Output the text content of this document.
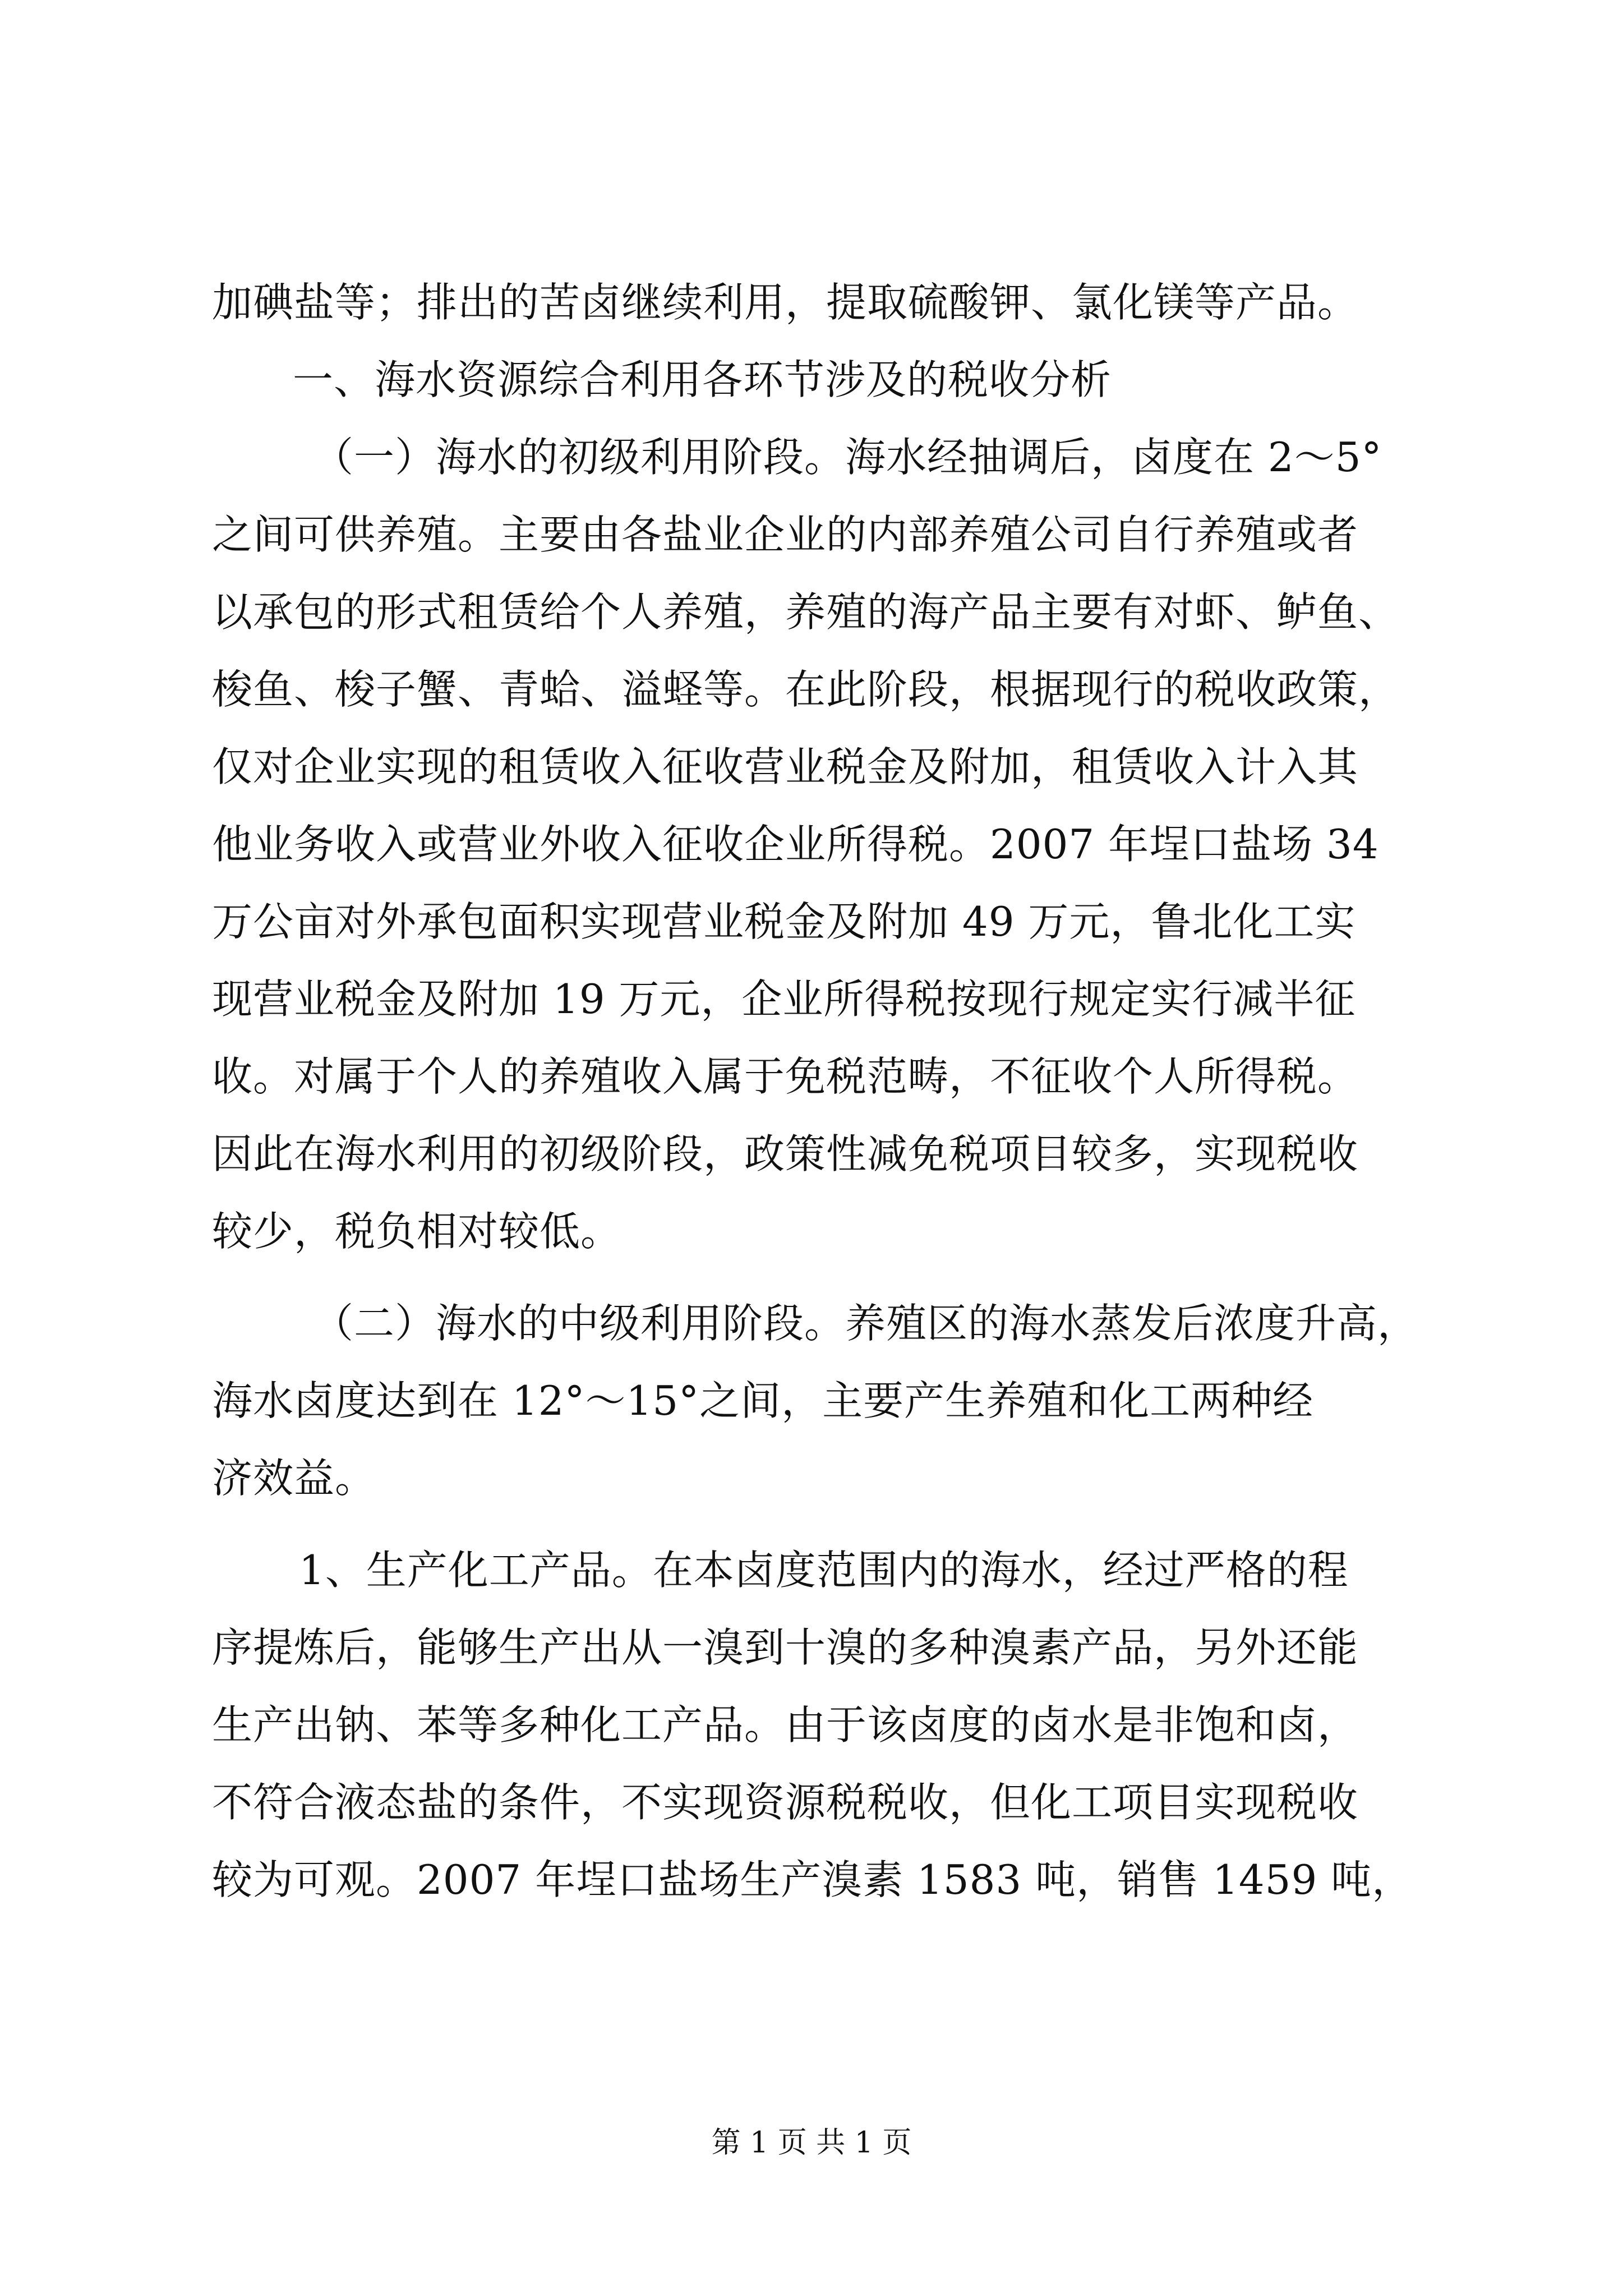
加碘盐等；排出的苦卤继续利用，提取硫酸钾、氯化镁等产品。
一、海水资源综合利用各环节涉及的税收分析
（一）海水的初级利用阶段。海水经抽调后，卤度在 2～5°
之间可供养殖。主要由各盐业企业的内部养殖公司自行养殖或者
以承包的形式租赁给个人养殖，养殖的海产品主要有对虾、鲈鱼、
梭鱼、梭子蟹、青蛤、溢蛏等。在此阶段，根据现行的税收政策，
仅对企业实现的租赁收入征收营业税金及附加，租赁收入计入其
他业务收入或营业外收入征收企业所得税。2007 年埕口盐场 34
万公亩对外承包面积实现营业税金及附加 49 万元，鲁北化工实
现营业税金及附加 19 万元，企业所得税按现行规定实行减半征
收。对属于个人的养殖收入属于免税范畴，不征收个人所得税。
因此在海水利用的初级阶段，政策性减免税项目较多，实现税收
较少，税负相对较低。
（二）海水的中级利用阶段。养殖区的海水蒸发后浓度升高，
海水卤度达到在 12°～15°之间，主要产生养殖和化工两种经
济效益。
1、生产化工产品。在本卤度范围内的海水，经过严格的程
序提炼后，能够生产出从一溴到十溴的多种溴素产品，另外还能
生产出钠、苯等多种化工产品。由于该卤度的卤水是非饱和卤，
不符合液态盐的条件，不实现资源税税收，但化工项目实现税收
较为可观。2007 年埕口盐场生产溴素 1583 吨，销售 1459 吨，
第 1 页 共 1 页
